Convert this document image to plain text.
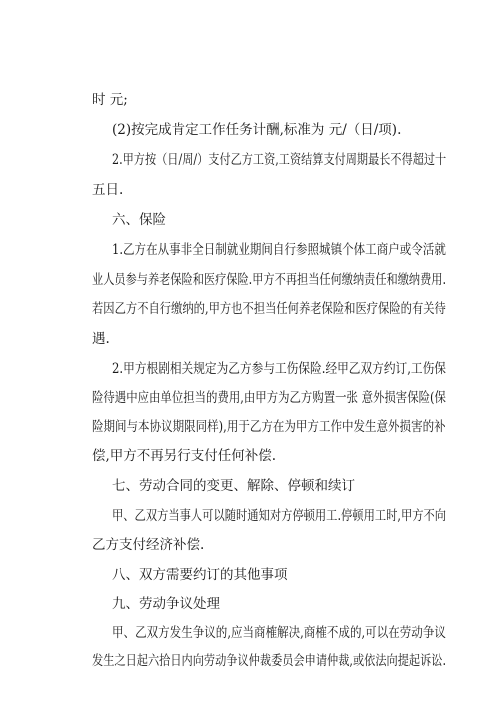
时 元;
(2)按完成肯定工作任务计酬,标准为 元/（日/项).
2.甲方按（日/周/）支付乙方工资,工资结算支付周期最长不得超过十
五日.
六、保险
1.乙方在从事非全日制就业期间自行参照城镇个体工商户或令活就
业人员参与养老保险和医疗保险.甲方不再担当任何缴纳责任和缴纳费用.
若因乙方不自行缴纳的,甲方也不担当任何养老保险和医疗保险的有关待
遇.
2.甲方根剧相关规定为乙方参与工伤保险.经甲乙双方约订,工伤保
险待遇中应由单位担当的费用,由甲方为乙方购置一张 意外损害保险(保
险期间与本协议期限同样),用于乙方在为甲方工作中发生意外损害的补
偿,甲方不再另行支付任何补偿.
七、劳动合同的变更、解除、停顿和续订
甲、乙双方当事人可以随时通知对方停顿用工.停顿用工时,甲方不向
乙方支付经济补偿.
八、双方需要约订的其他事项
九、劳动争议处理
甲、乙双方发生争议的,应当商榷解决,商榷不成的,可以在劳动争议
发生之日起六拾日内向劳动争议仲裁委员会申请仲裁,或依法向提起诉讼.
